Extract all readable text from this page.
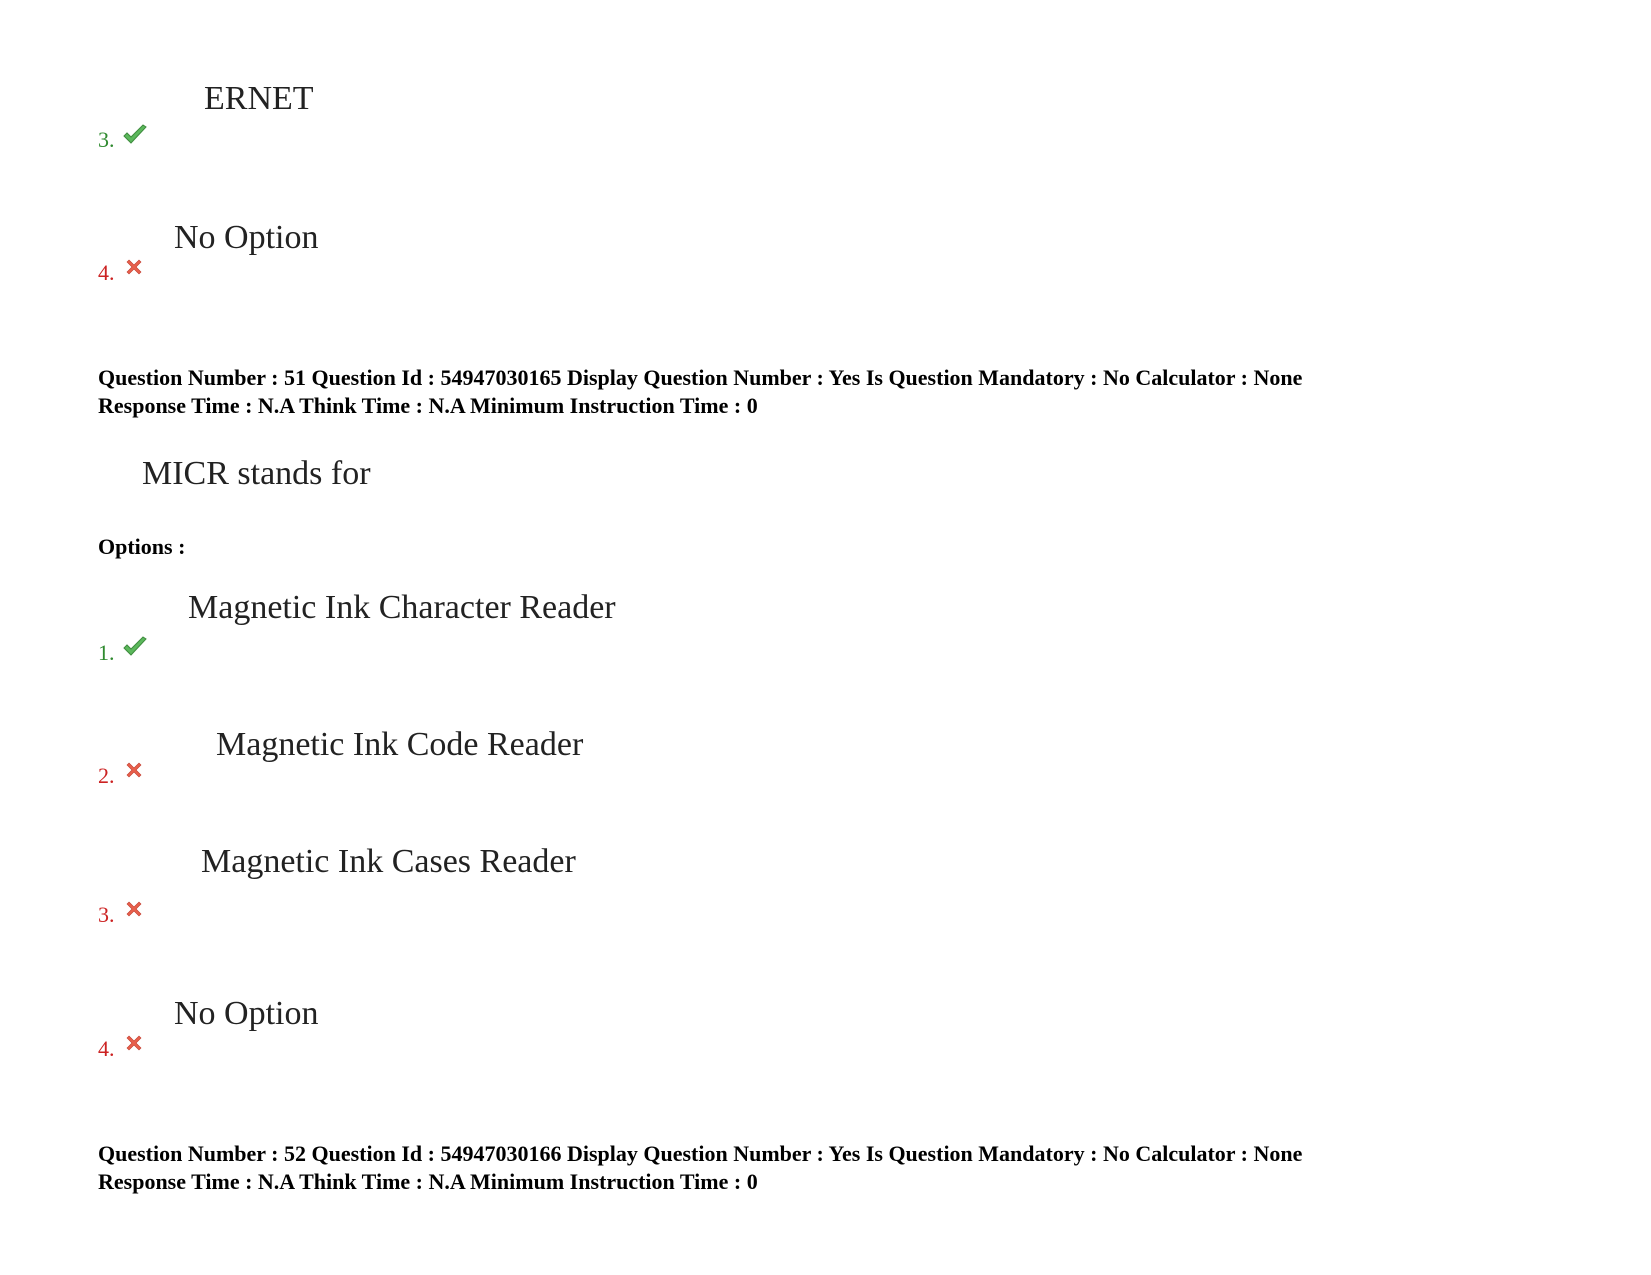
ERNET
3.
No Option
4.
Question Number : 51 Question Id : 54947030165 Display Question Number : Yes Is Question Mandatory : No Calculator : None
Response Time : N.A Think Time : N.A Minimum Instruction Time : 0
MICR stands for
Options :
Magnetic Ink Character Reader
1.
Magnetic Ink Code Reader
2.
Magnetic Ink Cases Reader
3.
No Option
4.
Question Number : 52 Question Id : 54947030166 Display Question Number : Yes Is Question Mandatory : No Calculator : None
Response Time : N.A Think Time : N.A Minimum Instruction Time : 0
